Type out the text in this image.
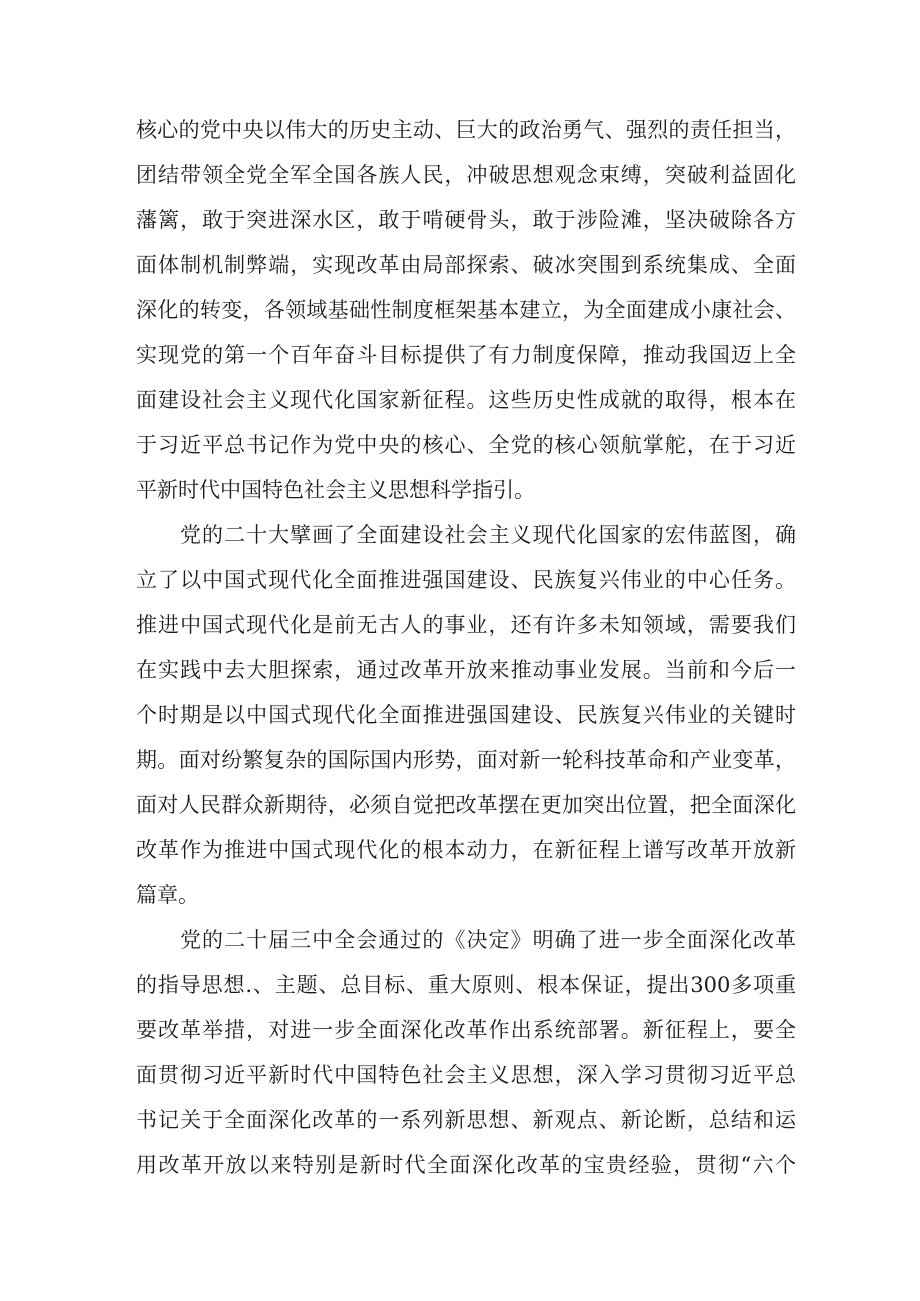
核心的党中央以伟大的历史主动、巨大的政治勇气、强烈的责任担当，
团结带领全党全军全国各族人民，冲破思想观念束缚，突破利益固化
藩篱，敢于突进深水区，敢于啃硬骨头，敢于涉险滩，坚决破除各方
面体制机制弊端，实现改革由局部探索、破冰突围到系统集成、全面
深化的转变，各领域基础性制度框架基本建立，为全面建成小康社会、
实现党的第一个百年奋斗目标提供了有力制度保障，推动我国迈上全
面建设社会主义现代化国家新征程。这些历史性成就的取得，根本在
于习近平总书记作为党中央的核心、全党的核心领航掌舵，在于习近
平新时代中国特色社会主义思想科学指引。
党的二十大擘画了全面建设社会主义现代化国家的宏伟蓝图，确
立了以中国式现代化全面推进强国建设、民族复兴伟业的中心任务。
推进中国式现代化是前无古人的事业，还有许多未知领域，需要我们
在实践中去大胆探索，通过改革开放来推动事业发展。当前和今后一
个时期是以中国式现代化全面推进强国建设、民族复兴伟业的关键时
期。面对纷繁复杂的国际国内形势，面对新一轮科技革命和产业变革，
面对人民群众新期待，必须自觉把改革摆在更加突出位置，把全面深化
改革作为推进中国式现代化的根本动力，在新征程上谱写改革开放新
篇章。
党的二十届三中全会通过的《决定》明确了进一步全面深化改革
的指导思想.、主题、总目标、重大原则、根本保证，提出300多项重
要改革举措，对进一步全面深化改革作出系统部署。新征程上，要全
面贯彻习近平新时代中国特色社会主义思想，深入学习贯彻习近平总
书记关于全面深化改革的一系列新思想、新观点、新论断，总结和运
用改革开放以来特别是新时代全面深化改革的宝贵经验，贯彻“六个
